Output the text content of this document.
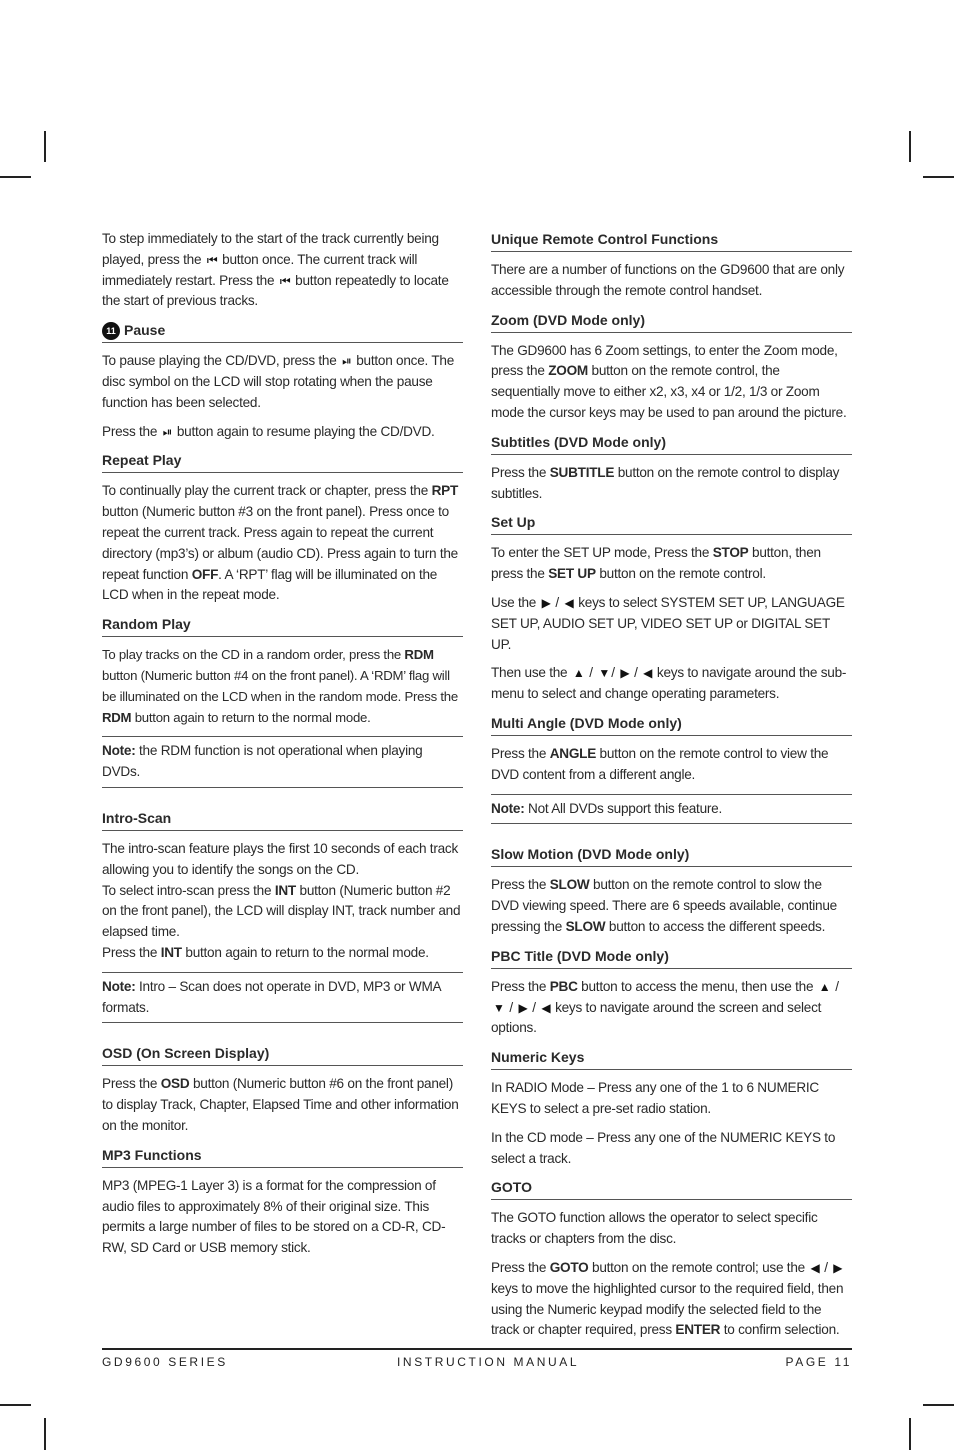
To step immediately to the start of the track currently being played, press the ⏮ button once. The current track will immediately restart. Press the ⏮ button repeatedly to locate the start of previous tracks.

11 Pause

To pause playing the CD/DVD, press the ⏯ button once. The disc symbol on the LCD will stop rotating when the pause function has been selected.

Press the ⏯ button again to resume playing the CD/DVD.

Repeat Play

To continually play the current track or chapter, press the RPT button (Numeric button #3 on the front panel). Press once to repeat the current track. Press again to repeat the current directory (mp3’s) or album (audio CD). Press again to turn the repeat function OFF. A ‘RPT’ flag will be illuminated on the LCD when in the repeat mode.

Random Play

To play tracks on the CD in a random order, press the RDM button (Numeric button #4 on the front panel). A ‘RDM’ flag will be illuminated on the LCD when in the random mode. Press the RDM button again to return to the normal mode.

Note: the RDM function is not operational when playing DVDs.

Intro-Scan

The intro-scan feature plays the first 10 seconds of each track allowing you to identify the songs on the CD.
To select intro-scan press the INT button (Numeric button #2 on the front panel), the LCD will display INT, track number and elapsed time.
Press the INT button again to return to the normal mode.

Note: Intro – Scan does not operate in DVD, MP3 or WMA formats.

OSD (On Screen Display)

Press the OSD button (Numeric button #6 on the front panel) to display Track, Chapter, Elapsed Time and other information on the monitor.

MP3 Functions

MP3 (MPEG-1 Layer 3) is a format for the compression of audio files to approximately 8% of their original size. This permits a large number of files to be stored on a CD-R, CD-RW, SD Card or USB memory stick.

Unique Remote Control Functions

There are a number of functions on the GD9600 that are only accessible through the remote control handset.

Zoom (DVD Mode only)

The GD9600 has 6 Zoom settings, to enter the Zoom mode, press the ZOOM button on the remote control, the sequentially move to either x2, x3, x4 or 1/2, 1/3 or Zoom mode the cursor keys may be used to pan around the picture.

Subtitles (DVD Mode only)

Press the SUBTITLE button on the remote control to display subtitles.

Set Up

To enter the SET UP mode, Press the STOP button, then press the SET UP button on the remote control.

Use the ▶ / ◀ keys to select SYSTEM SET UP, LANGUAGE SET UP, AUDIO SET UP, VIDEO SET UP or DIGITAL SET UP.

Then use the ▲ / ▼ / ▶ / ◀ keys to navigate around the sub-menu to select and change operating parameters.

Multi Angle (DVD Mode only)

Press the ANGLE button on the remote control to view the DVD content from a different angle.

Note: Not All DVDs support this feature.

Slow Motion (DVD Mode only)

Press the SLOW button on the remote control to slow the DVD viewing speed. There are 6 speeds available, continue pressing the SLOW button to access the different speeds.

PBC Title (DVD Mode only)

Press the PBC button to access the menu, then use the ▲ / ▼ / ▶ / ◀ keys to navigate around the screen and select options.

Numeric Keys

In RADIO Mode – Press any one of the 1 to 6 NUMERIC KEYS to select a pre-set radio station.

In the CD mode – Press any one of the NUMERIC KEYS to select a track.

GOTO

The GOTO function allows the operator to select specific tracks or chapters from the disc.

Press the GOTO button on the remote control; use the ◀ / ▶ keys to move the highlighted cursor to the required field, then using the Numeric keypad modify the selected field to the track or chapter required, press ENTER to confirm selection.

GD9600 SERIES	INSTRUCTION MANUAL	PAGE 11
